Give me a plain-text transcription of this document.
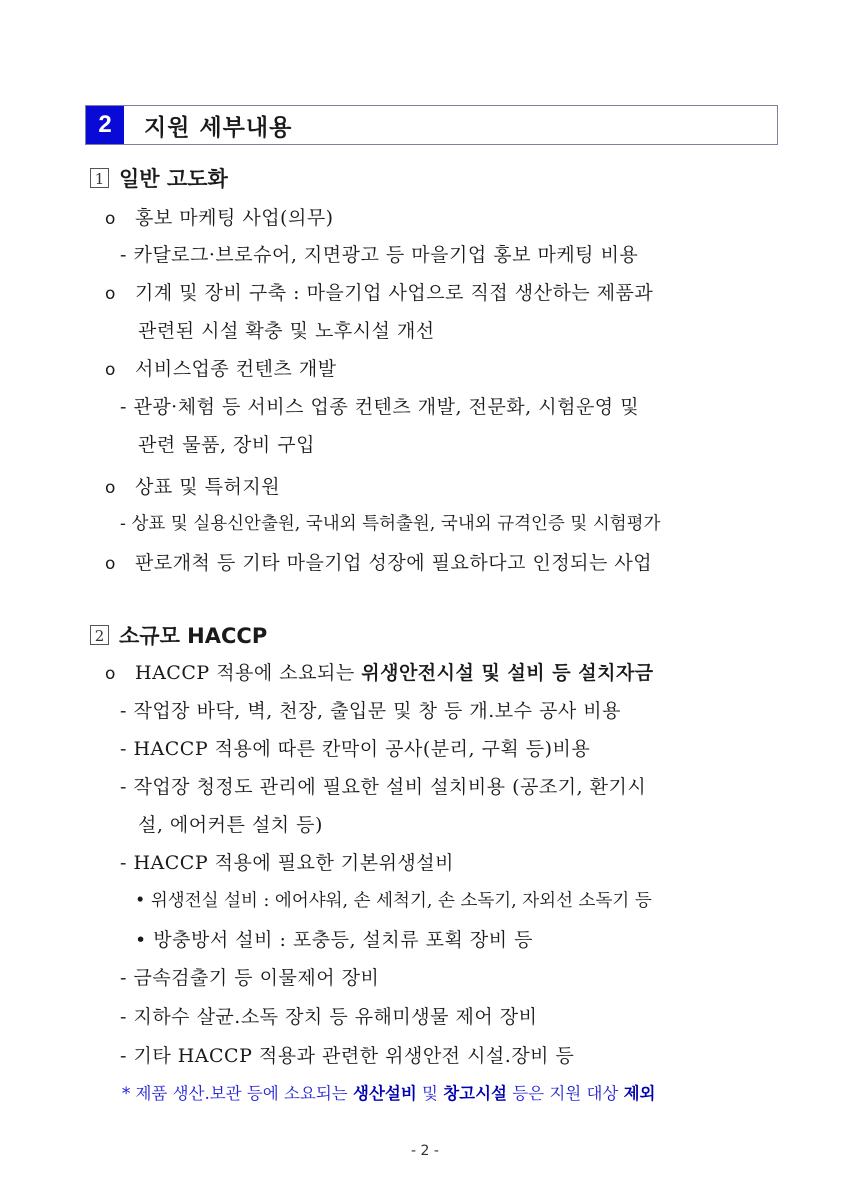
2	지원 세부내용
1 일반 고도화
o 홍보 마케팅 사업(의무)
- 카달로그·브로슈어, 지면광고 등 마을기업 홍보 마케팅 비용
o 기계 및 장비 구축 : 마을기업 사업으로 직접 생산하는 제품과
관련된 시설 확충 및 노후시설 개선
o 서비스업종 컨텐츠 개발
- 관광·체험 등 서비스 업종 컨텐츠 개발, 전문화, 시험운영 및
관련 물품, 장비 구입
o 상표 및 특허지원
- 상표 및 실용신안출원, 국내외 특허출원, 국내외 규격인증 및 시험평가
o 판로개척 등 기타 마을기업 성장에 필요하다고 인정되는 사업
2 소규모 HACCP
o HACCP 적용에 소요되는 위생안전시설 및 설비 등 설치자금
- 작업장 바닥, 벽, 천장, 출입문 및 창 등 개.보수 공사 비용
- HACCP 적용에 따른 칸막이 공사(분리, 구획 등)비용
- 작업장 청정도 관리에 필요한 설비 설치비용 (공조기, 환기시
설, 에어커튼 설치 등)
- HACCP 적용에 필요한 기본위생설비
• 위생전실 설비 : 에어샤워, 손 세척기, 손 소독기, 자외선 소독기 등
• 방충방서 설비 : 포충등, 설치류 포획 장비 등
- 금속검출기 등 이물제어 장비
- 지하수 살균.소독 장치 등 유해미생물 제어 장비
- 기타 HACCP 적용과 관련한 위생안전 시설.장비 등
* 제품 생산.보관 등에 소요되는 생산설비 및 창고시설 등은 지원 대상 제외
- 2 -
